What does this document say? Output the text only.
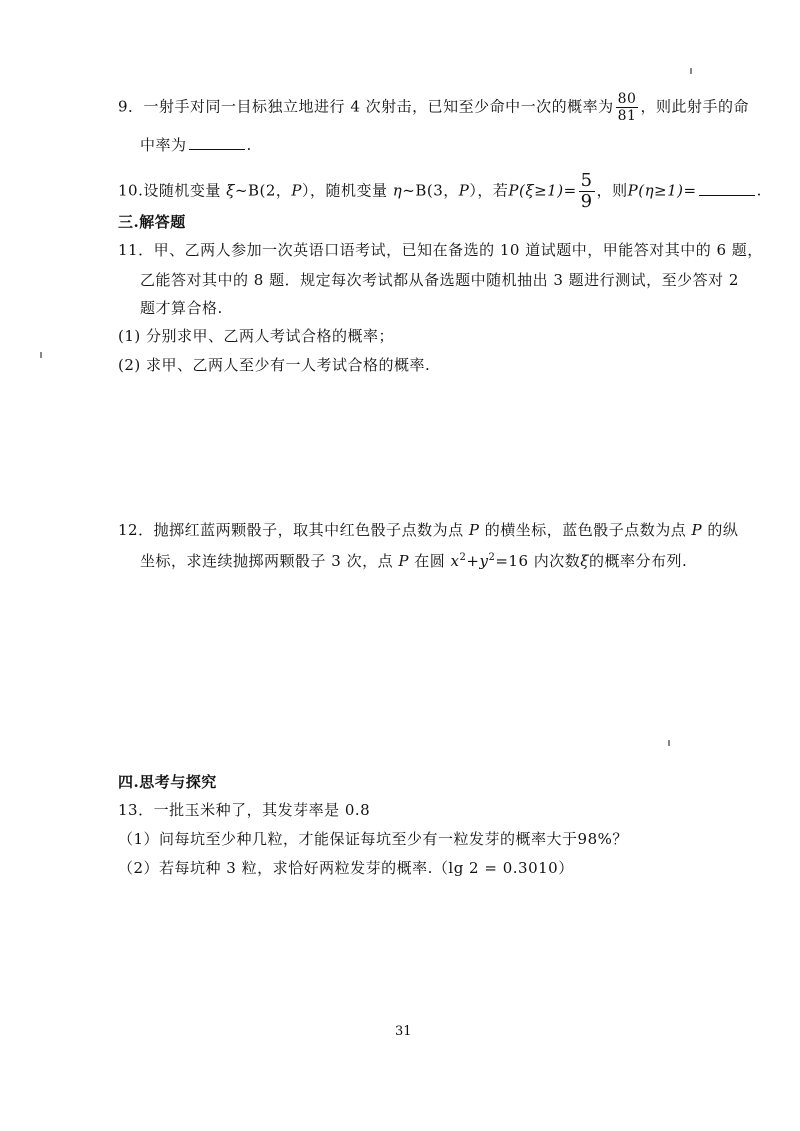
9．一射手对同一目标独立地进行 4 次射击，已知至少命中一次的概率为 $\frac{80}{81}$ ，则此射手的命
中率为	.
10.设随机变量 ξ~B(2，P），随机变量 η~B(3，P），若$P(\xi\ge 1)= \frac{5}{9}$ ，则P(η≥1)=	.
三.解答题
11．甲、乙两人参加一次英语口语考试，已知在备选的 10 道试题中，甲能答对其中的 6 题，
乙能答对其中的 8 题．规定每次考试都从备选题中随机抽出 3 题进行测试，至少答对 2
题才算合格.
(1) 分别求甲、乙两人考试合格的概率；
(2) 求甲、乙两人至少有一人考试合格的概率.
12．抛掷红蓝两颗骰子，取其中红色骰子点数为点 P 的横坐标，蓝色骰子点数为点 P 的纵
坐标，求连续抛掷两颗骰子 3 次，点 P 在圆 $x^2+y^2=16$ 内次数ξ的概率分布列.
四.思考与探究
13．一批玉米种了，其发芽率是 0.8
（1）问每坑至少种几粒，才能保证每坑至少有一粒发芽的概率大于98%？
（2）若每坑种 3 粒，求恰好两粒发芽的概率.（lg 2 = 0.3010）
31
